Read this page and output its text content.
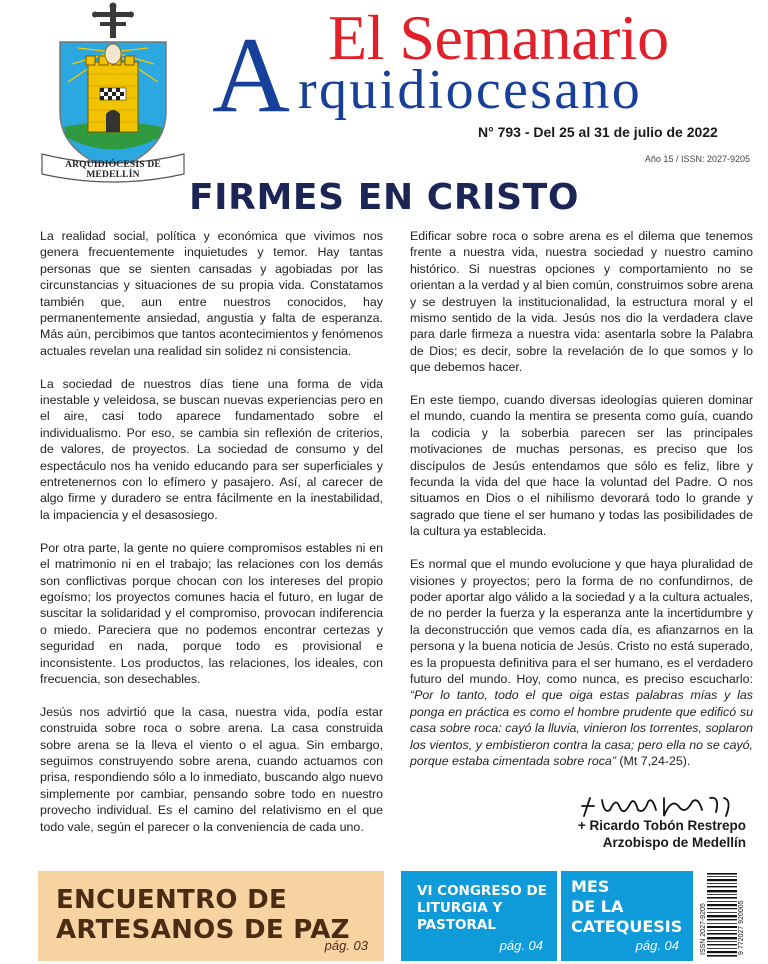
ARQUIDIÓCESIS DE MEDELLÍN
El Semanario
A rquidiocesano
N° 793 - Del 25 al 31 de julio de 2022
Año 15 / ISSN: 2027-9205
FIRMES EN CRISTO

La realidad social, política y económica que vivimos nos genera frecuentemente inquietudes y temor. Hay tantas personas que se sienten cansadas y agobiadas por las circunstancias y situaciones de su propia vida. Constatamos también que, aun entre nuestros conocidos, hay permanentemente ansiedad, angustia y falta de esperanza. Más aún, percibimos que tantos acontecimientos y fenómenos actuales revelan una realidad sin solidez ni consistencia.

La sociedad de nuestros días tiene una forma de vida inestable y veleidosa, se buscan nuevas experiencias pero en el aire, casi todo aparece fundamentado sobre el individualismo. Por eso, se cambia sin reflexión de criterios, de valores, de proyectos. La sociedad de consumo y del espectáculo nos ha venido educando para ser superficiales y entretenernos con lo efímero y pasajero. Así, al carecer de algo firme y duradero se entra fácilmente en la inestabilidad, la impaciencia y el desasosiego.

Por otra parte, la gente no quiere compromisos estables ni en el matrimonio ni en el trabajo; las relaciones con los demás son conflictivas porque chocan con los intereses del propio egoísmo; los proyectos comunes hacia el futuro, en lugar de suscitar la solidaridad y el compromiso, provocan indiferencia o miedo. Pareciera que no podemos encontrar certezas y seguridad en nada, porque todo es provisional e inconsistente. Los productos, las relaciones, los ideales, con frecuencia, son desechables.

Jesús nos advirtió que la casa, nuestra vida, podía estar construida sobre roca o sobre arena. La casa construida sobre arena se la lleva el viento o el agua. Sin embargo, seguimos construyendo sobre arena, cuando actuamos con prisa, respondiendo sólo a lo inmediato, buscando algo nuevo simplemente por cambiar, pensando sobre todo en nuestro provecho individual. Es el camino del relativismo en el que todo vale, según el parecer o la conveniencia de cada uno.

Edificar sobre roca o sobre arena es el dilema que tenemos frente a nuestra vida, nuestra sociedad y nuestro camino histórico. Si nuestras opciones y comportamiento no se orientan a la verdad y al bien común, construimos sobre arena y se destruyen la institucionalidad, la estructura moral y el mismo sentido de la vida. Jesús nos dio la verdadera clave para darle firmeza a nuestra vida: asentarla sobre la Palabra de Dios; es decir, sobre la revelación de lo que somos y lo que debemos hacer.

En este tiempo, cuando diversas ideologías quieren dominar el mundo, cuando la mentira se presenta como guía, cuando la codicia y la soberbia parecen ser las principales motivaciones de muchas personas, es preciso que los discípulos de Jesús entendamos que sólo es feliz, libre y fecunda la vida del que hace la voluntad del Padre. O nos situamos en Dios o el nihilismo devorará todo lo grande y sagrado que tiene el ser humano y todas las posibilidades de la cultura ya establecida.

Es normal que el mundo evolucione y que haya pluralidad de visiones y proyectos; pero la forma de no confundirnos, de poder aportar algo válido a la sociedad y a la cultura actuales, de no perder la fuerza y la esperanza ante la incertidumbre y la deconstrucción que vemos cada día, es afianzarnos en la persona y la buena noticia de Jesús. Cristo no está superado, es la propuesta definitiva para el ser humano, es el verdadero futuro del mundo. Hoy, como nunca, es preciso escucharlo: “Por lo tanto, todo el que oiga estas palabras mías y las ponga en práctica es como el hombre prudente que edificó su casa sobre roca: cayó la lluvia, vinieron los torrentes, soplaron los vientos, y embistieron contra la casa; pero ella no se cayó, porque estaba cimentada sobre roca” (Mt 7,24-25).

+ Ricardo Tobón Restrepo
Arzobispo de Medellín
ENCUENTRO DE
ARTESANOS DE PAZ
pág. 03
VI CONGRESO DE
LITURGIA Y
PASTORAL
pág. 04
MES
DE LA
CATEQUESIS
pág. 04	ISSN 2027-9205	9 772027 920005
